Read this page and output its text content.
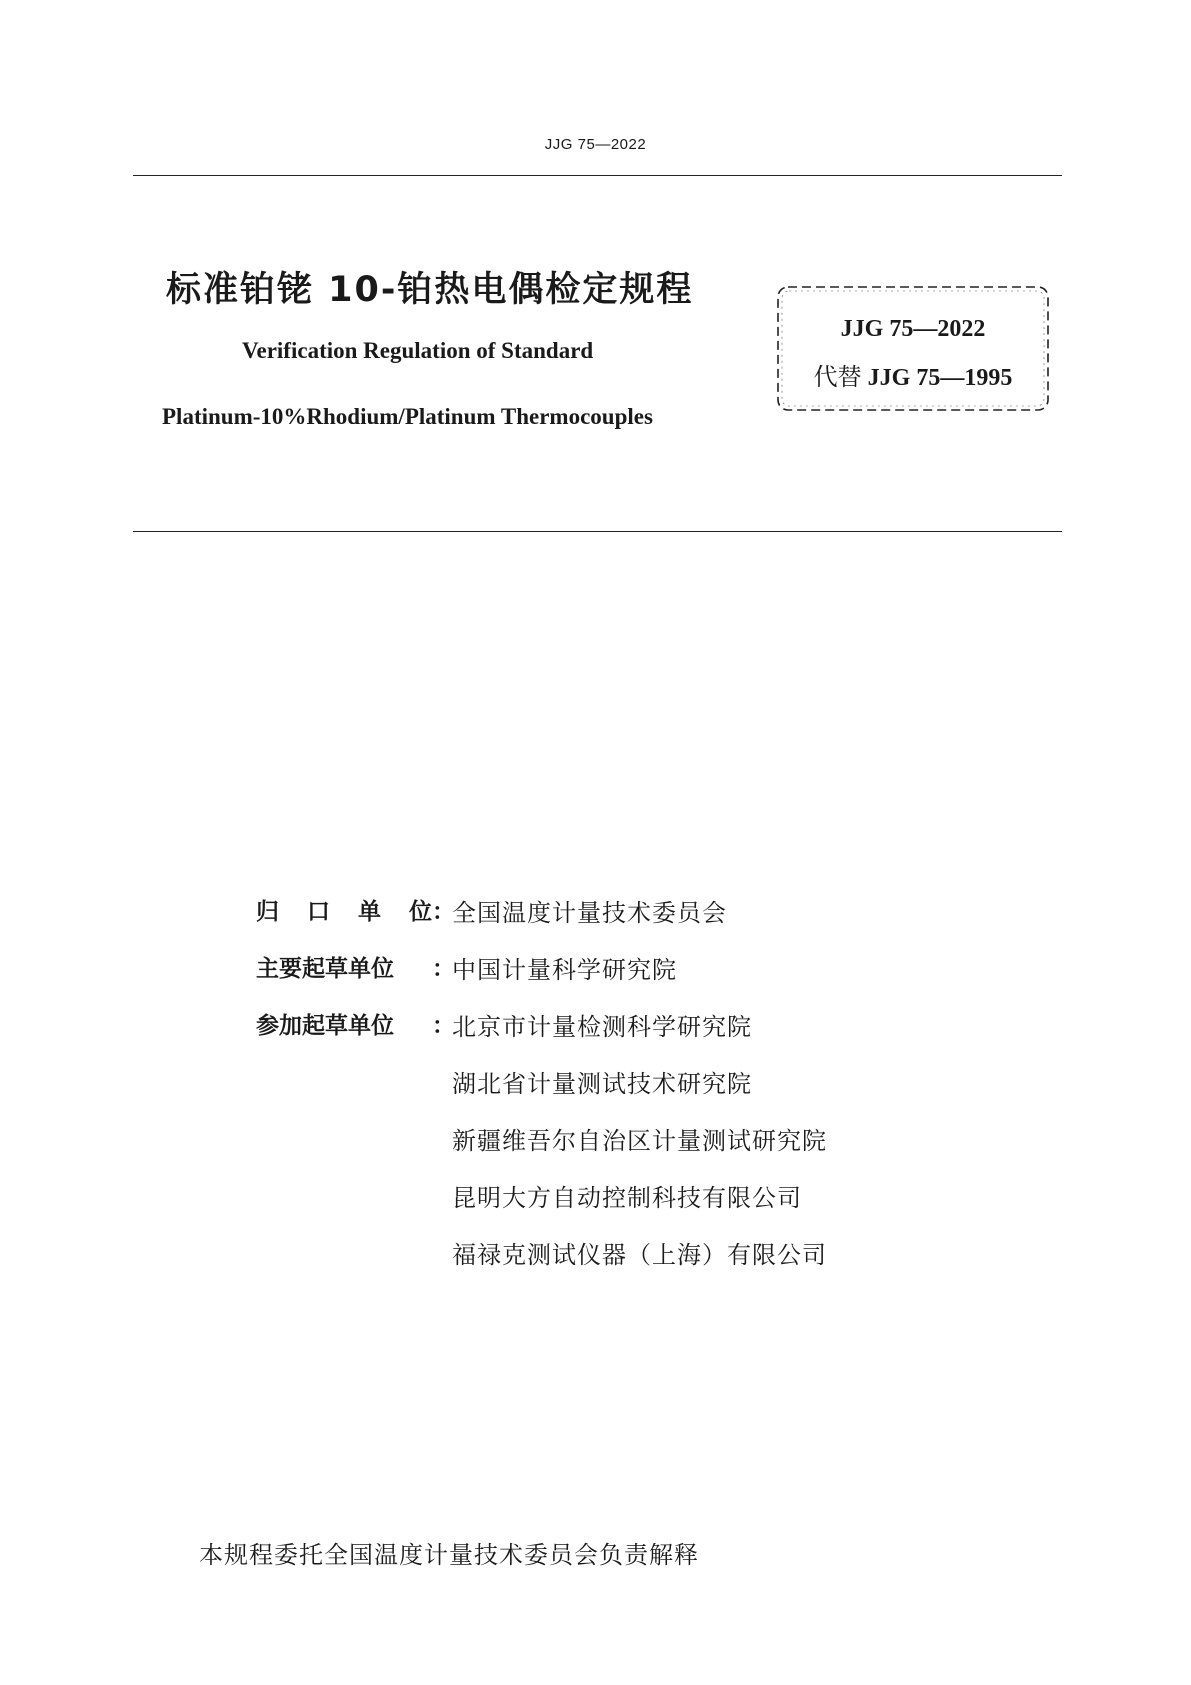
JJG 75—2022
标准铂铑 10-铂热电偶检定规程
Verification Regulation of Standard
Platinum-10%Rhodium/Platinum Thermocouples
JJG 75—2022
代替 JJG 75—1995
归 口 单 位 ：
全国温度计量技术委员会
主要起草单位	：
中国计量科学研究院
参加起草单位	：
北京市计量检测科学研究院
湖北省计量测试技术研究院
新疆维吾尔自治区计量测试研究院
昆明大方自动控制科技有限公司
福禄克测试仪器（上海）有限公司
本规程委托全国温度计量技术委员会负责解释
